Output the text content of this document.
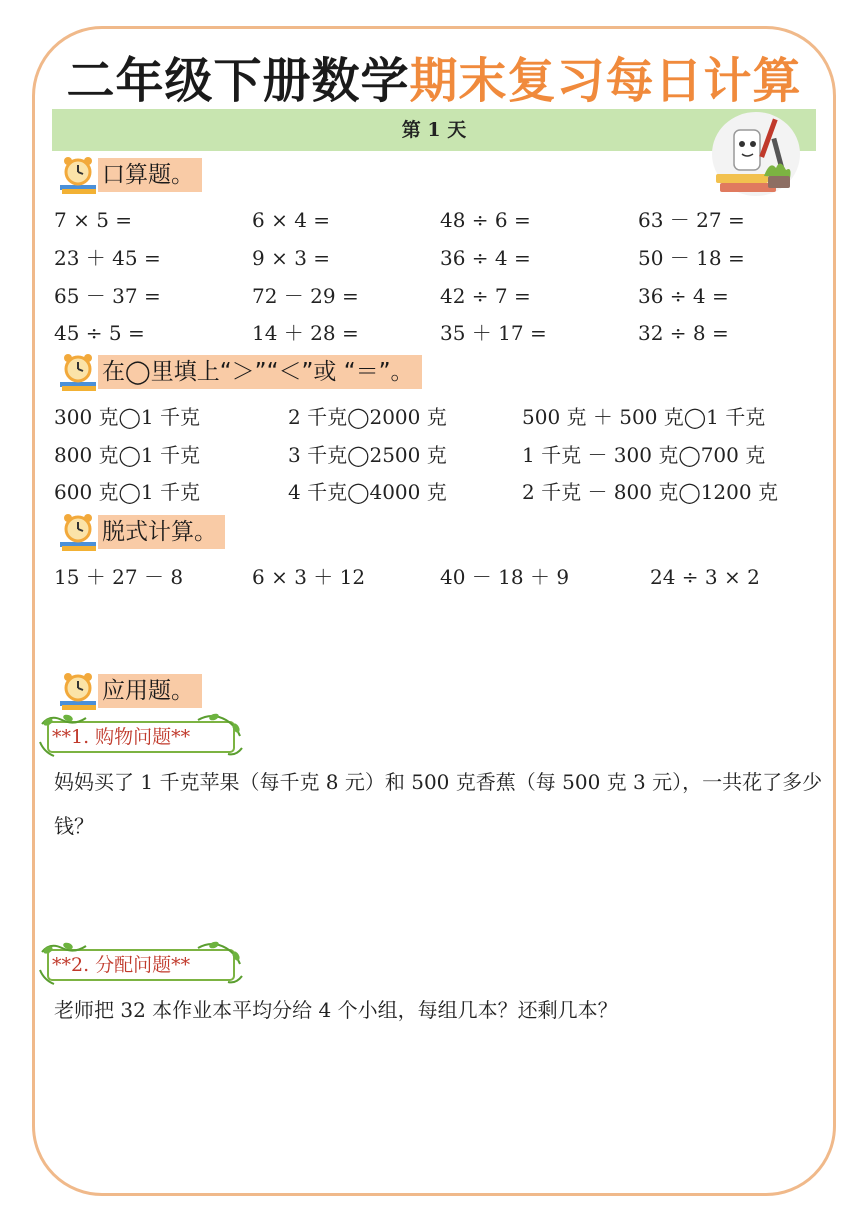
二年级下册数学期末复习每日计算
第 1 天
口算题。
7 × 5 =	6 × 4 =	48 ÷ 6 =	63 － 27 =
23 ＋ 45 =	9 × 3 =	36 ÷ 4 =	50 － 18 =
65 － 37 =	72 － 29 =	42 ÷ 7 =	36 ÷ 4 =
45 ÷ 5 =	14 ＋ 28 =	35 ＋ 17 =	32 ÷ 8 =
在◯里填上“＞”“＜”或 “＝”。
300 克◯1 千克	2 千克◯2000 克	500 克 ＋ 500 克◯1 千克
800 克◯1 千克	3 千克◯2500 克	1 千克 － 300 克◯700 克
600 克◯1 千克	4 千克◯4000 克	2 千克 － 800 克◯1200 克
脱式计算。
15 ＋ 27 － 8	6 × 3 ＋ 12	40 － 18 ＋ 9	24 ÷ 3 × 2
应用题。
**1. 购物问题**
妈妈买了 1 千克苹果（每千克 8 元）和 500 克香蕉（每 500 克 3 元），一共花了多少钱？
**2. 分配问题**
老师把 32 本作业本平均分给 4 个小组，每组几本？还剩几本？
